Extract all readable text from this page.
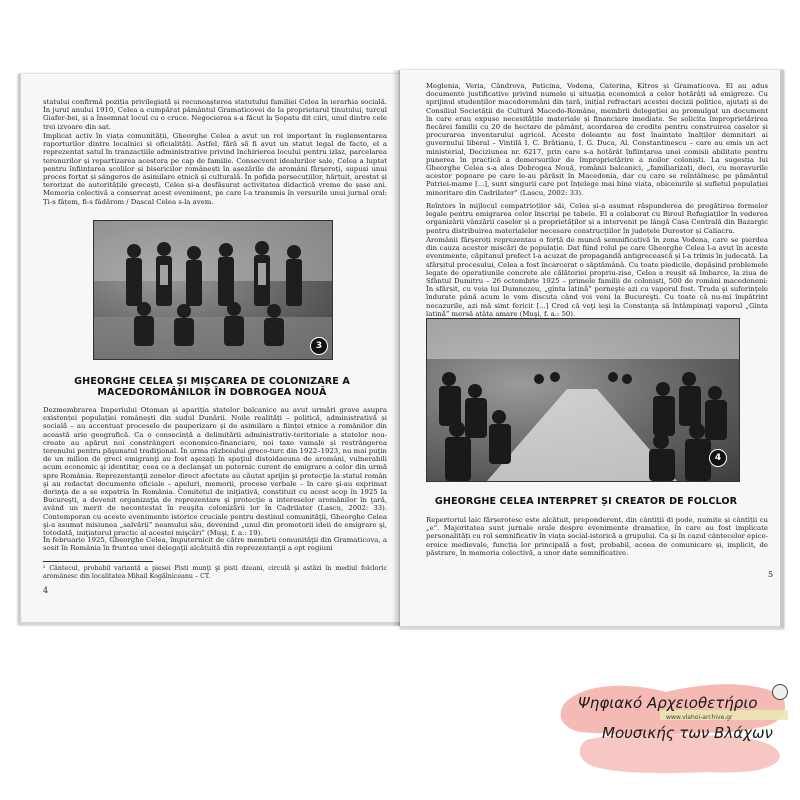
statului confirmă poziția privilegiată și recunoașterea statutului familiei Celea în ierarhia socială. În jurul anului 1910, Celea a cumpărat pământul Gramaticovei de la proprietarul ținutului, turcul Giafer-bei, și a însemnat locul cu o cruce. Negocierea s-a făcut la Șopatu dit ciiri, unul dintre cele trei izvoare din sat.

Implicat activ în viața comunității, Gheorghe Celea a avut un rol important în reglementarea raporturilor dintre localnici și oficialități. Astfel, fără să fi avut un statut legal de facto, el a reprezentat satul în tranzacțiile administrative privind închirierea locului pentru izlaz, parcelarea terenurilor și repartizarea acestora pe cap de familie. Consecvent idealurilor sale, Celea a luptat pentru înființarea școlilor și bisericilor românești în așezările de aromâni fărșeroți, supuși unui proces forțat și sângeros de asimilare etnică și culturală. În pofida persecuțiilor, hărțuit, arestat și terorizat de autoritățile grecești, Celea și-a desfășurat activitatea didactică vreme de șase ani. Memoria colectivă a conservat acest eveniment, pe care l-a transmis în versurile unui jurnal oral: Ți-s fâțem, fi-s fâdărom / Dascal Celea s-la avem.

3

GHEORGHE CELEA ȘI MIȘCAREA DE COLONIZARE A MACEDOROMÂNILOR ÎN DOBROGEA NOUĂ

Dezmembrarea Imperiului Otoman și apariția statelor balcanice au avut urmări grave asupra existenței populației românești din sudul Dunării. Noile realități – politică, administrativă și socială – au accentuat procesele de pauperizare și de asimilare a ființei etnice a românilor din această arie geografică. Ca o consecință a delimitării administrativ-teritoriale a statelor nou-create au apărut noi constrângeri economico-financiare, noi taxe vamale și restrângerea terenului pentru păşunatul tradiţional. În urma războiului greco-turc din 1922–1923, nu mai puţin de un milion de greci emigranţi au fost aşezaţi în spaţiul distoidaeuna de aromâni, vulnerabili acum economic şi identitar, ceea ce a declanşat un puternic curent de emigrare a celor din urmă spre România. Reprezentanţii zonelor direct afectate au căutat sprijin şi protecţie la statul român şi au redactat documente oficiale – apeluri, memorii, procese verbale – în care şi-au exprimat dorinţa de a se expatria în România. Comitetul de iniţiativă, constituit cu acest scop în 1925 la Bucureşti, a devenit organizaţia de reprezentare şi protecţie a intereselor aromânilor în ţară, având un merit de necontestat în reuşita colonizării lor în Cadrilater (Lascu, 2002: 33). Contemporan cu aceste evenimente istorice cruciale pentru destinul comunităţii, Gheorghe Celea şi-a asumat misiunea „salvării” neamului său, devenind „unul din promotorii ideii de emigrare şi, totodată, iniţiatorul practic al acestei mişcări” (Muşi, f. a.: 19).

În februarie 1925, Gheorghe Celea, împuternicit de către membrii comunităţii din Gramaticova, a sosit în România în fruntea unei delegaţii alcătuită din reprezentanţii a opt regiuni

² Cântecul, probabil variantă a piesei Pisti munţi şi pisti dzeani, circulă şi astăzi în mediul folcloric aromânesc din localitatea Mihail Kogălniceanu – CT.

4

Meglenia, Veria, Cândrova, Paticina, Vodena, Caterina, Kitros și Gramaticova. El au adus documente justificative privind numele și situația economică a celor hotărâți să emigreze. Cu sprijinul studenților macedoromâni din țară, inițial refractari acestei decizii politice, ajutați și de Consiliul Societății de Cultură Macedo-Române, membrii delegației au promulgat un document în care erau expuse necesitățile materiale și financiare imediate. Se solicita împroprietărirea fiecărei familii cu 20 de hectare de pământ, acordarea de credite pentru construirea caselor și procurarea inventarului agricol. Aceste doleanțe au fost înaintate înalților demnitari ai guvernului liberal – Vintilă I. C. Brătianu, I. G. Duca, Al. Constantinescu – care au emis un act ministerial, Deciziunea nr. 6217, prin care s-a hotărât înființarea unei comisii abilitate pentru punerea în practică a demersurilor de împroprietărire a noilor coloniști. La sugestia lui Gheorghe Celea s-a ales Dobrogea Nouă, românii balcanici, „familiarizați, deci, cu moravurile acestor popoare pe care le-au părăsit în Macedonia, dar cu care se reîntâlnesc pe pământul Patriei-mame [...], sunt singurii care pot înțelege mai bine viața, obiceiurile și sufletul populației minoritare din Cadrilater” (Lascu, 2002: 33).

Reîntors în mijlocul compatrioților săi, Celea și-a asumat răspunderea de pregătirea formelor legale pentru emigrarea celor înscriși pe tabele. El a colaborat cu Biroul Refugiaților în vederea organizării vânzării caselor și a proprietăților și a intervenit pe lângă Casa Centrală din Bazargic pentru distribuirea materialelor necesare construcțiilor în județele Durostor și Caliacra.

Aromânii fărșeroți reprezentau o forță de muncă semnificativă în zona Vodena, care se pierdea din cauza acestor mișcări de populație. Dat fiind rolul pe care Gheorghe Celea l-a avut în aceste evenimente, căpitanul prefect l-a acuzat de propagandă antigrecească și l-a trimis în judecată. La sfârșitul procesului, Celea a fost încarcerat o săptămână. Cu toate piedicile, depășind problemele legate de operațiunile concrete ale călătoriei propriu-zise, Celea a reușit să îmbarce, la ziua de Sfântul Dumitru – 26 octombrie 1925 – primele familii de coloniști, 500 de români macedoneni: În sfârșit, cu voia lui Dumnezeu, „ginta latină” porneşte azi cu vaporul fost. Truda şi suferinţele îndurate până acum le vom discuta când voi veni la Bucureşti. Cu toate că nu-mi împătrint necazurile, azi mă simt fericit [...] Cred că veţi ieşi la Constanţa să întâmpinaţi vaporul „Ginta latină” mersă atâta amare (Muşi, f. a.: 50).

4

GHEORGHE CELEA INTERPRET ȘI CREATOR DE FOLCLOR

Repertoriul laic fărșerotesc este alcătuit, preponderent, din cântiții di pode, numite și cântiții cu „e”. Majoritatea sunt jurnale orale despre evenimente dramatice, în care au fost implicate personalități cu rol semnificativ în viața social-istorică a grupului. Ca și în cazul cântecelor epice-eroice medievale, funcția lor principală a fost, probabil, aceea de comunicare și, implicit, de păstrare, în memoria colectivă, a unor date semnificative.

5
Ψηφιακό Αρχειοθετήριο
www.vlahoi-archive.gr
Μουσικής των Βλάχων
